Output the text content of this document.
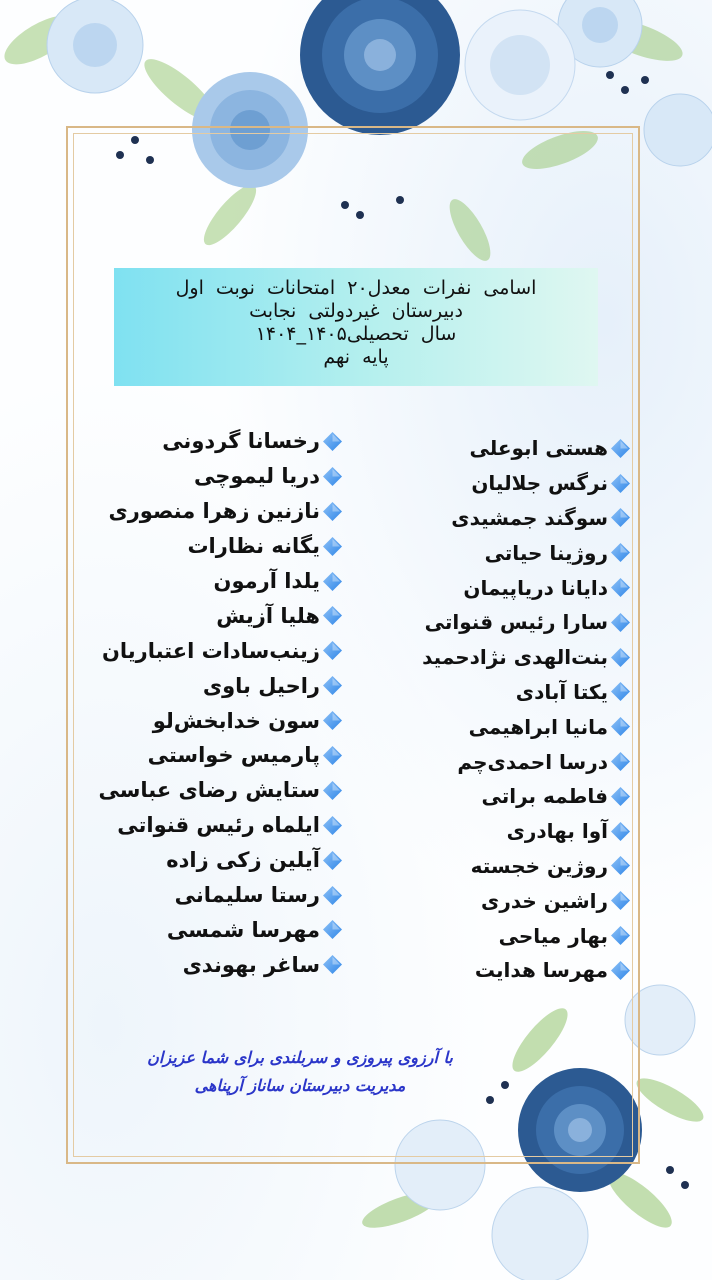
اسامی نفرات معدل۲۰ امتحانات نوبت اول
دبیرستان غیردولتی نجابت
سال تحصیلی۱۴۰۵_۱۴۰۴
پایه نهم
هستی ابوعلی
نرگس جلالیان
سوگند جمشیدی
روژینا حیاتی
دایانا دریاپیمان
سارا رئیس قنواتی
بنت‌الهدی نژادحمید
یکتا آبادی
مانیا ابراهیمی
درسا احمدی‌چم
فاطمه براتی
آوا بهادری
روژین خجسته
راشین خدری
بهار میاحی
مهرسا هدایت
رخسانا گردونی
دریا لیموچی
نازنین زهرا منصوری
یگانه نظارات
یلدا آرمون
هلیا آزیش
زینب‌سادات اعتباریان
راحیل باوی
سون خدابخش‌لو
پارمیس خواستی
ستایش رضای عباسی
ایلماه رئیس قنواتی
آیلین زکی زاده
رستا سلیمانی
مهرسا شمسی
ساغر بهوندی
با آرزوی پیروزی و سربلندی برای شما عزیزان
مدیریت دبیرستان ساناز آرپناهی
